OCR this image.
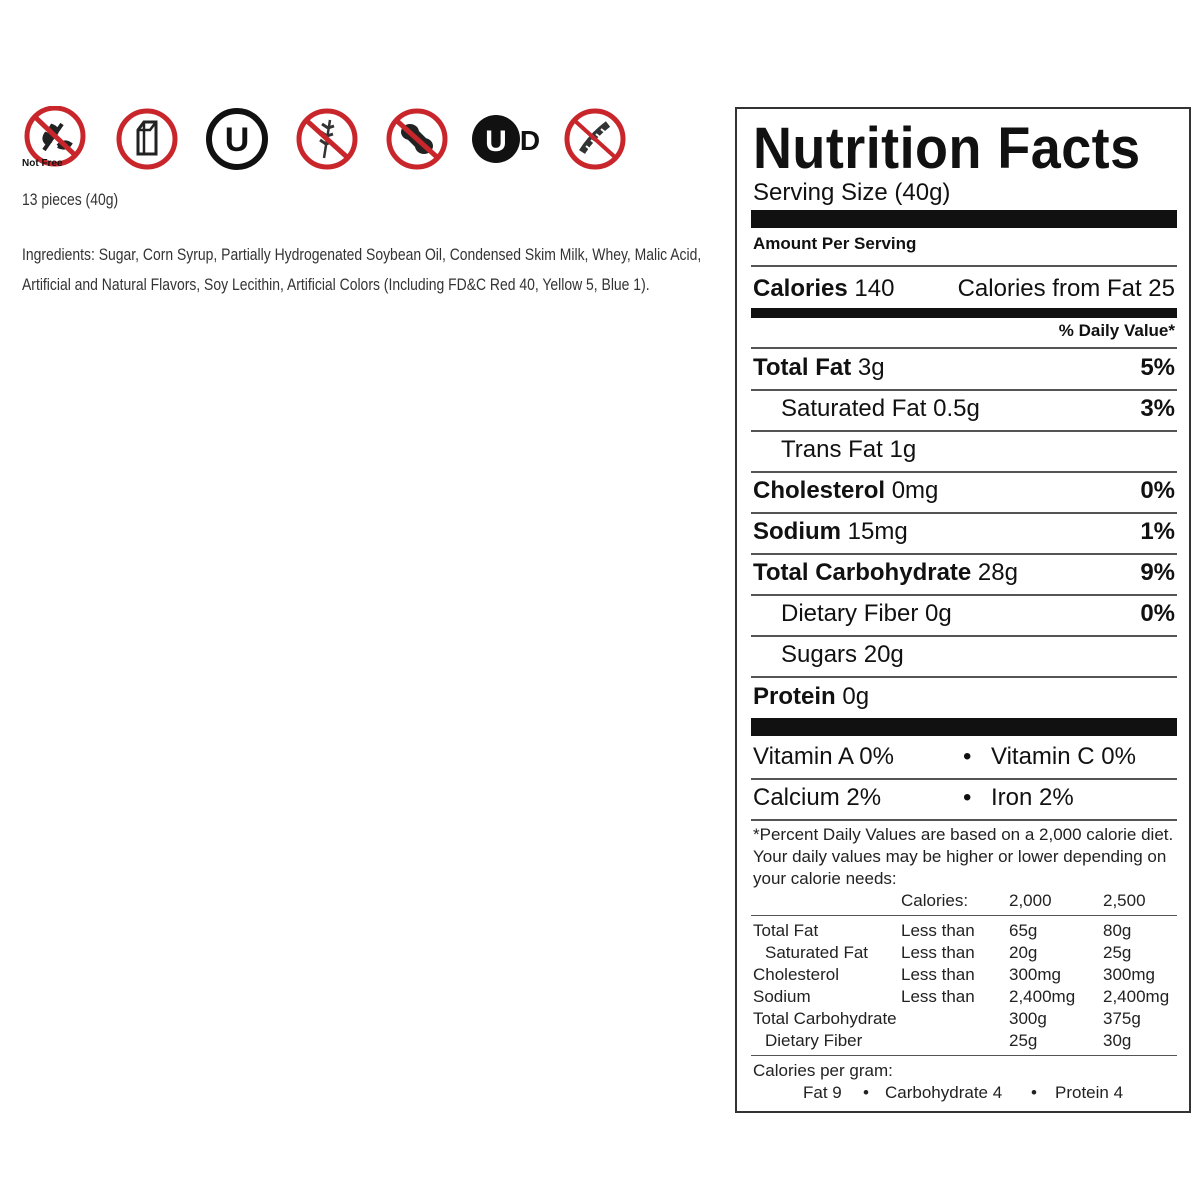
Not Free
U	U D
13 pieces (40g)
Ingredients: Sugar, Corn Syrup, Partially Hydrogenated Soybean Oil, Condensed Skim Milk, Whey, Malic Acid, Artificial and Natural Flavors, Soy Lecithin, Artificial Colors (Including FD&C Red 40, Yellow 5, Blue 1).
Nutrition Facts
Serving Size (40g)
Amount Per Serving
Calories 140	Calories from Fat 25
% Daily Value*
Total Fat 3g	5%
Saturated Fat 0.5g	3%
Trans Fat 1g
Cholesterol 0mg	0%
Sodium 15mg	1%
Total Carbohydrate 28g	9%
Dietary Fiber 0g	0%
Sugars 20g
Protein 0g
Vitamin A 0%	• Vitamin C 0%
Calcium 2%	• Iron 2%
*Percent Daily Values are based on a 2,000 calorie diet. Your daily values may be higher or lower depending on your calorie needs:
Calories: 2,000	2,500
Total Fat	Less than 65g	80g
Saturated Fat Less than 20g	25g
Cholesterol	Less than 300mg 300mg
Sodium	Less than 2,400mg 2,400mg
Total Carbohydrate	300g	375g
Dietary Fiber	25g	30g
Calories per gram:
Fat 9 • Carbohydrate 4 • Protein 4
